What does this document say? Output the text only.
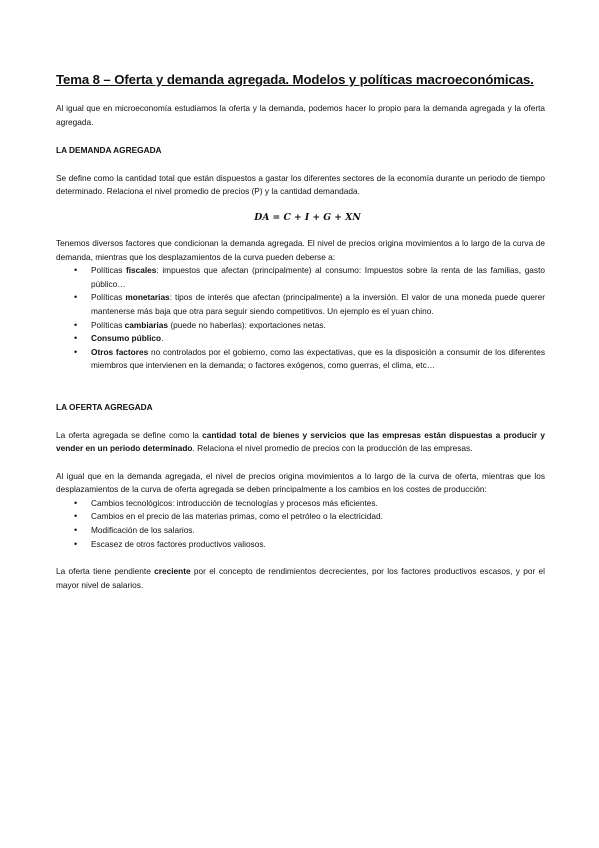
Tema 8 – Oferta y demanda agregada. Modelos y políticas macroeconómicas.

Al igual que en microeconomía estudiamos la oferta y la demanda, podemos hacer lo propio para la demanda agregada y la oferta agregada.

LA DEMANDA AGREGADA

Se define como la cantidad total que están dispuestos a gastar los diferentes sectores de la economía durante un periodo de tiempo determinado. Relaciona el nivel promedio de precios (P) y la cantidad demandada.

DA = C + I + G + XN

Tenemos diversos factores que condicionan la demanda agregada. El nivel de precios origina movimientos a lo largo de la curva de demanda, mientras que los desplazamientos de la curva pueden deberse a:

• Políticas fiscales: impuestos que afectan (principalmente) al consumo: Impuestos sobre la renta de las familias, gasto público…
• Políticas monetarias: tipos de interés que afectan (principalmente) a la inversión. El valor de una moneda puede querer mantenerse más baja que otra para seguir siendo competitivos. Un ejemplo es el yuan chino.
• Políticas cambiarias (puede no haberlas): exportaciones netas.
• Consumo público.
• Otros factores no controlados por el gobierno, como las expectativas, que es la disposición a consumir de los diferentes miembros que intervienen en la demanda; o factores exógenos, como guerras, el clima, etc…
LA OFERTA AGREGADA

La oferta agregada se define como la cantidad total de bienes y servicios que las empresas están dispuestas a producir y vender en un periodo determinado. Relaciona el nivel promedio de precios con la producción de las empresas.

Al igual que en la demanda agregada, el nivel de precios origina movimientos a lo largo de la curva de oferta, mientras que los desplazamientos de la curva de oferta agregada se deben principalmente a los cambios en los costes de producción:

• Cambios tecnológicos: introducción de tecnologías y procesos más eficientes.
• Cambios en el precio de las materias primas, como el petróleo o la electricidad.
• Modificación de los salarios.
• Escasez de otros factores productivos valiosos.

La oferta tiene pendiente creciente por el concepto de rendimientos decrecientes, por los factores productivos escasos, y por el mayor nivel de salarios.
